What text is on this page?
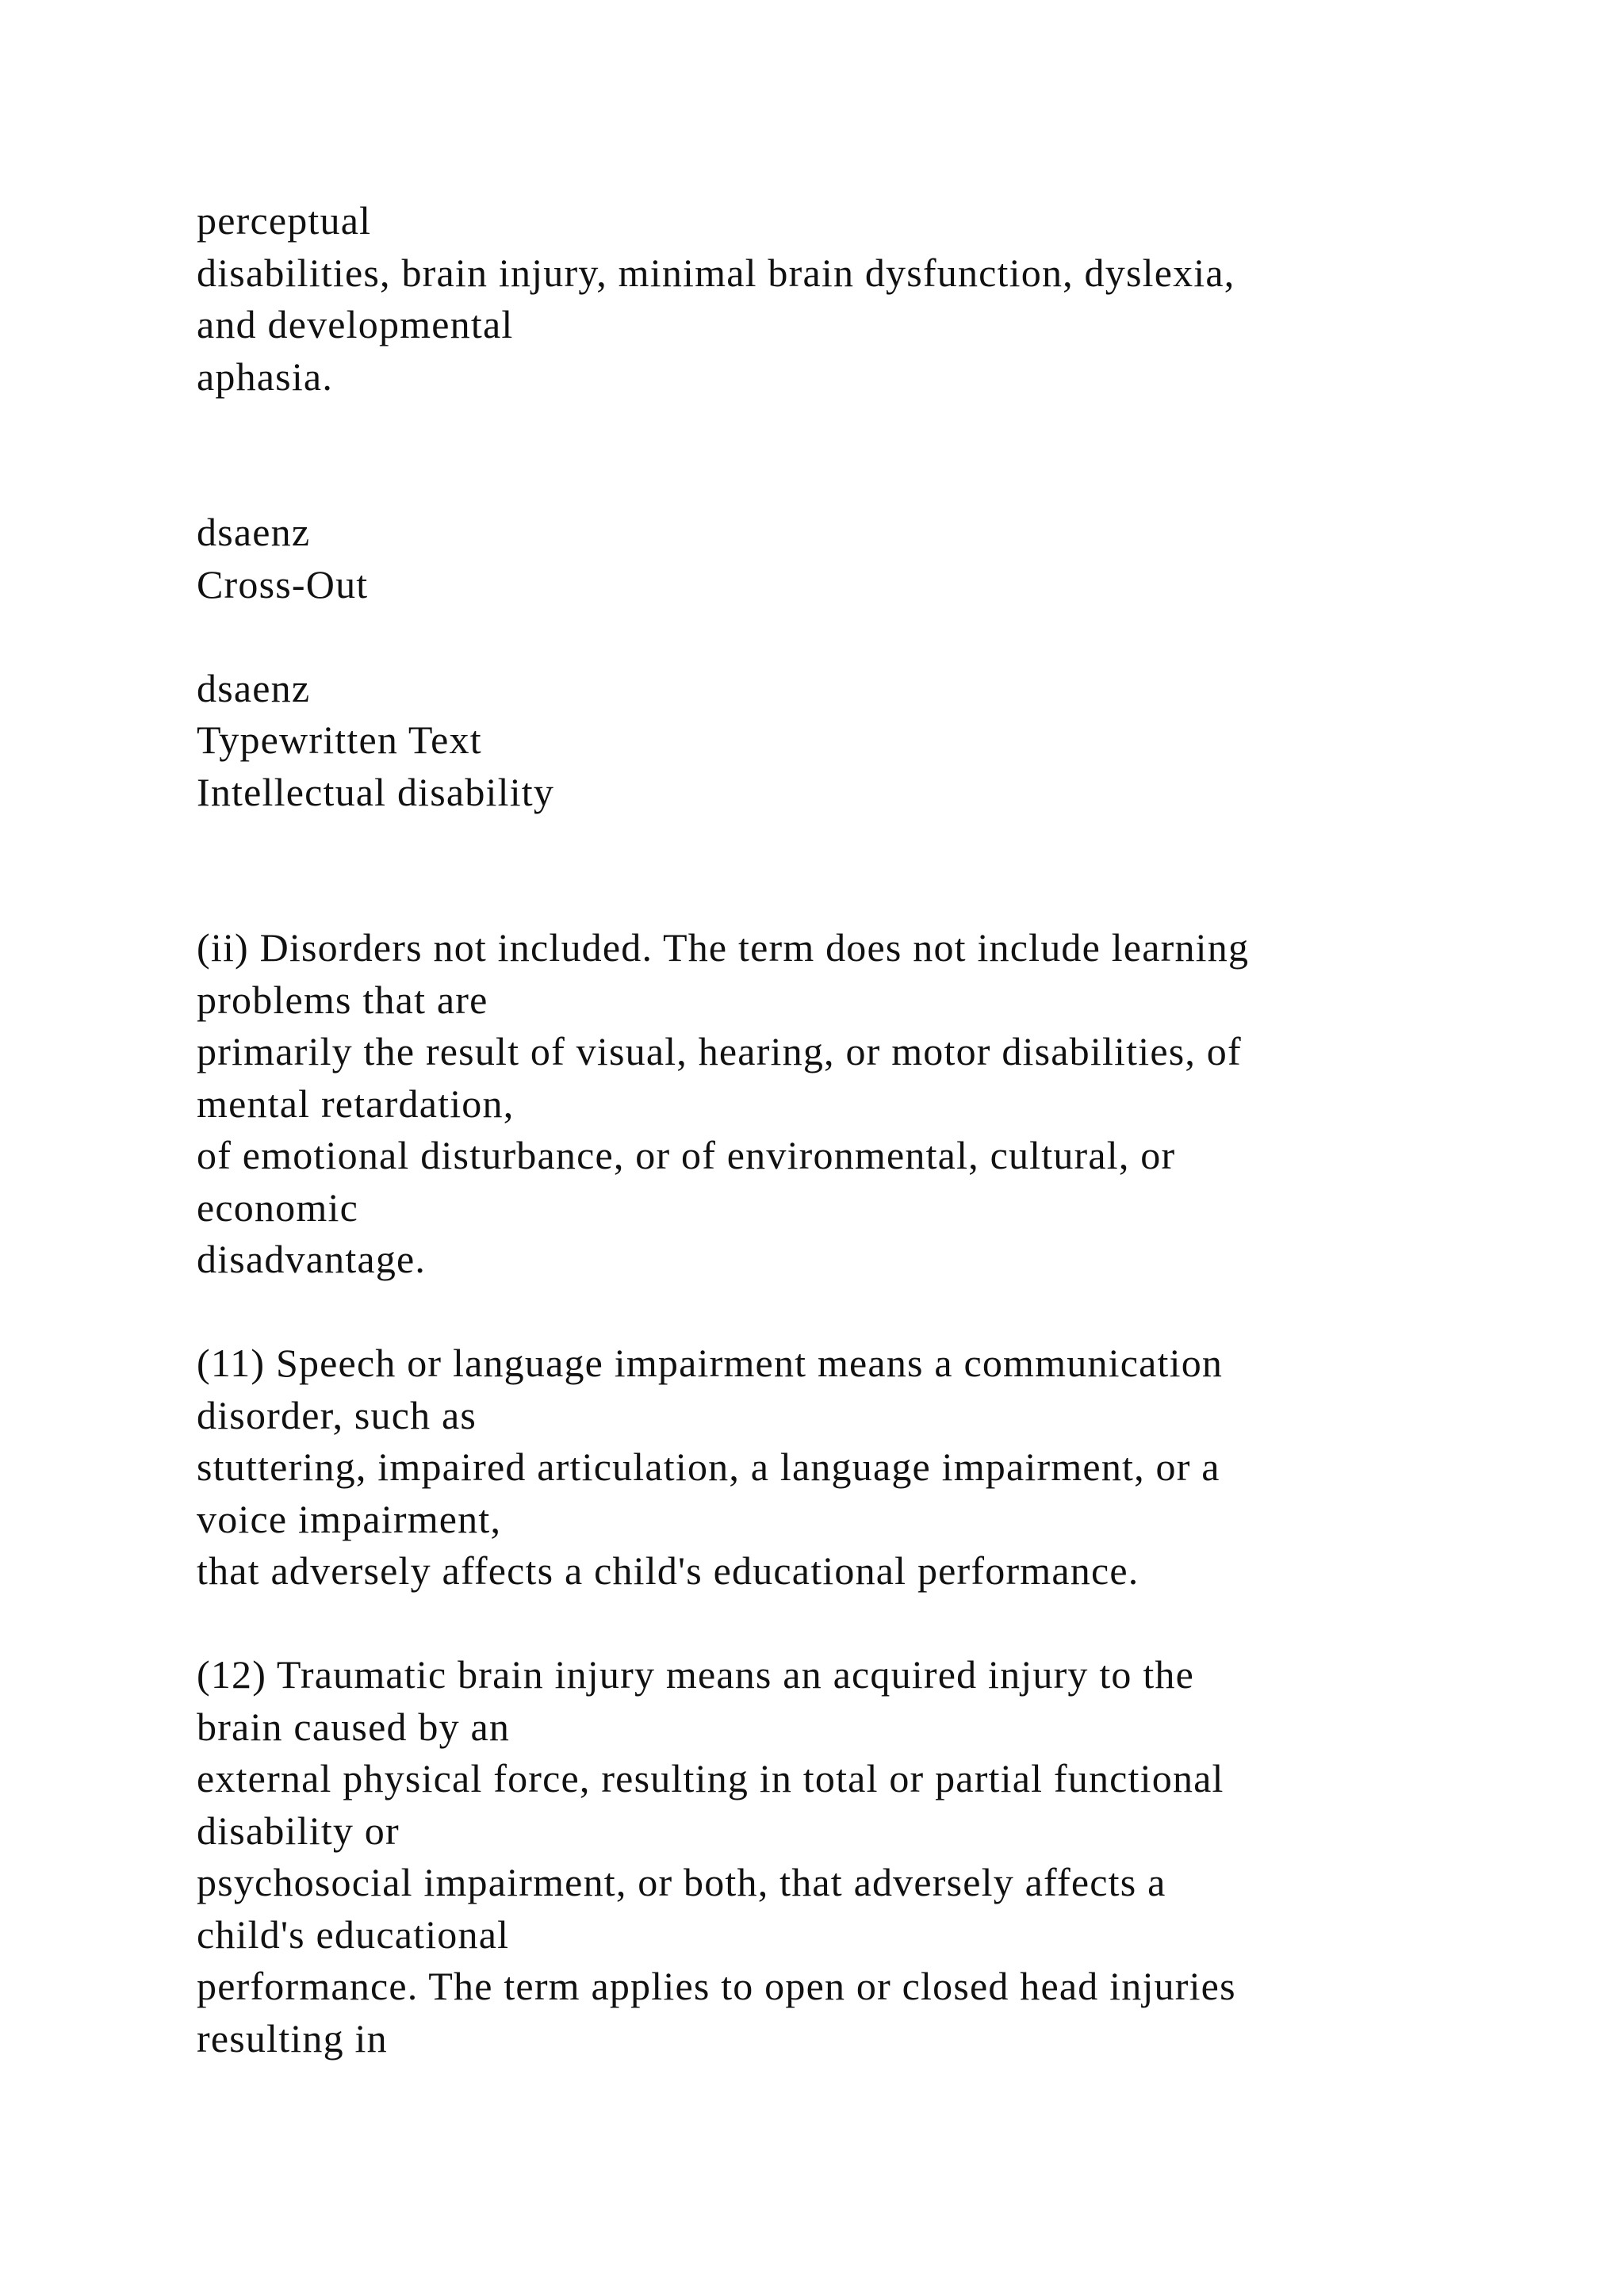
perceptual
disabilities, brain injury, minimal brain dysfunction, dyslexia,
and developmental
aphasia.
dsaenz
Cross-Out
dsaenz
Typewritten Text
Intellectual disability
(ii) Disorders not included. The term does not include learning
problems that are
primarily the result of visual, hearing, or motor disabilities, of
mental retardation,
of emotional disturbance, or of environmental, cultural, or
economic
disadvantage.
(11) Speech or language impairment means a communication
disorder, such as
stuttering, impaired articulation, a language impairment, or a
voice impairment,
that adversely affects a child's educational performance.
(12) Traumatic brain injury means an acquired injury to the
brain caused by an
external physical force, resulting in total or partial functional
disability or
psychosocial impairment, or both, that adversely affects a
child's educational
performance. The term applies to open or closed head injuries
resulting in
